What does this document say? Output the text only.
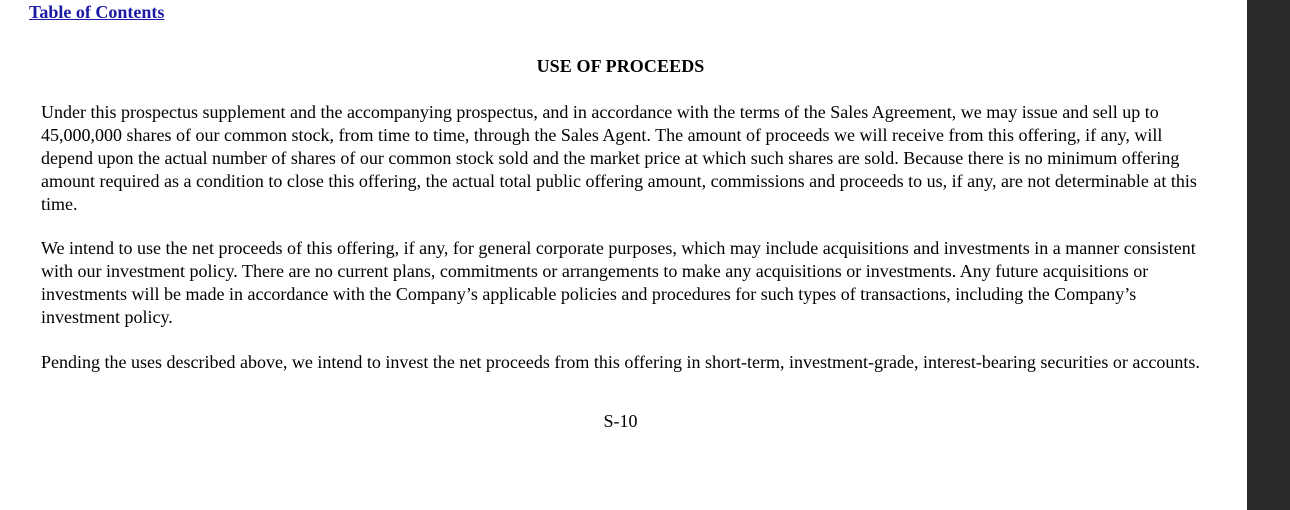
Table of Contents
USE OF PROCEEDS

Under this prospectus supplement and the accompanying prospectus, and in accordance with the terms of the Sales Agreement, we may issue and sell up to 45,000,000 shares of our common stock, from time to time, through the Sales Agent. The amount of proceeds we will receive from this offering, if any, will depend upon the actual number of shares of our common stock sold and the market price at which such shares are sold. Because there is no minimum offering amount required as a condition to close this offering, the actual total public offering amount, commissions and proceeds to us, if any, are not determinable at this time.

We intend to use the net proceeds of this offering, if any, for general corporate purposes, which may include acquisitions and investments in a manner consistent with our investment policy. There are no current plans, commitments or arrangements to make any acquisitions or investments. Any future acquisitions or investments will be made in accordance with the Company’s applicable policies and procedures for such types of transactions, including the Company’s investment policy.

Pending the uses described above, we intend to invest the net proceeds from this offering in short-term, investment-grade, interest-bearing securities or accounts.

S-10
